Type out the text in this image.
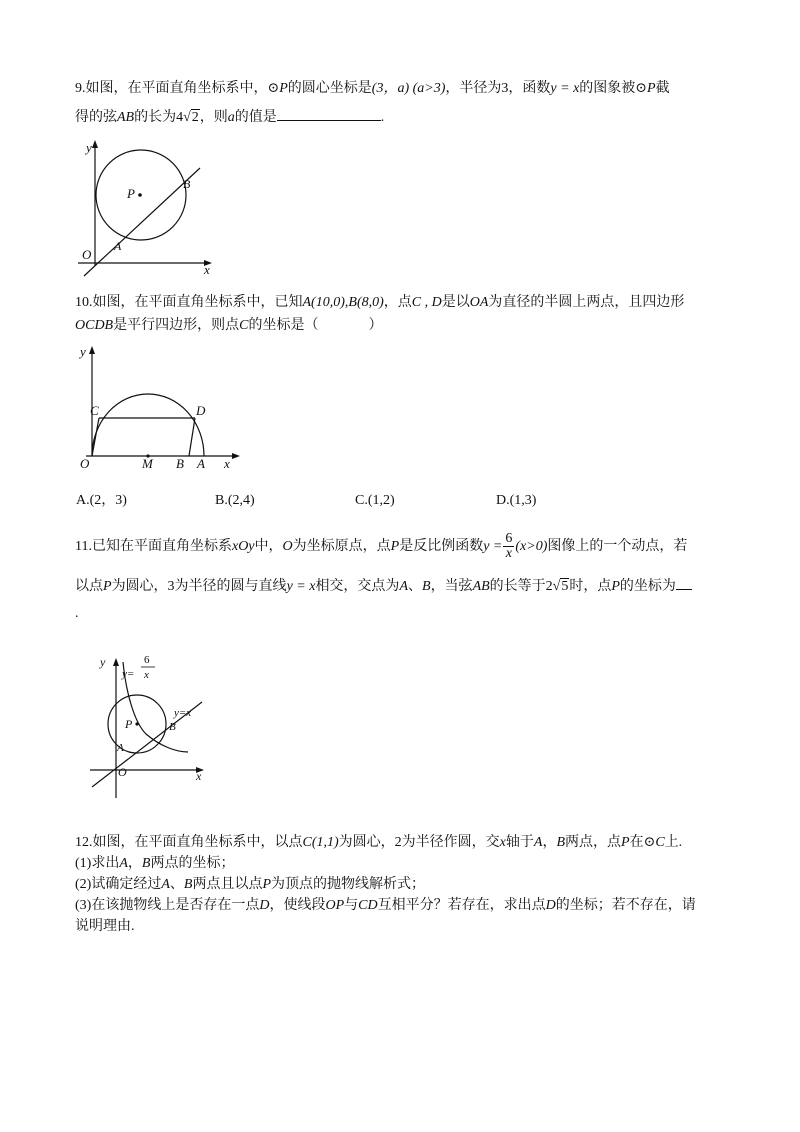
9.如图，在平面直角坐标系中，⊙P的圆心坐标是(3，a) (a>3)，半径为3，函数y = x的图象被⊙P截
得的弦AB的长为4√2，则a的值是	.
y
x
O
A
B
P
10.如图，在平面直角坐标系中，已知A(10,0),B(8,0)，点C , D是以OA为直径的半圆上两点，且四边形
OCDB是平行四边形，则点C的坐标是（	）
y
x
O	M B A
C	D
A.(2，3)	B.(2,4)	C.(1,2)	D.(1,3)
11.已知在平面直角坐标系xOy中，O为坐标原点，点P是反比例函数$y = \frac{6}{x} (x>0)$图像上的一个动点，若
以点P为圆心，3为半径的圆与直线y = x相交，交点为A、B，当弦AB的长等于2√5时，点P的坐标为
.
y
x
O
A
B
P
y=
6
x
y=x
12.如图，在平面直角坐标系中，以点C(1,1)为圆心，2为半径作圆，交x轴于A，B两点，点P在⊙C上.
(1)求出A，B两点的坐标；
(2)试确定经过A、B两点且以点P为顶点的抛物线解析式；
(3)在该抛物线上是否存在一点D，使线段OP与CD互相平分？若存在，求出点D的坐标；若不存在，请
说明理由.
